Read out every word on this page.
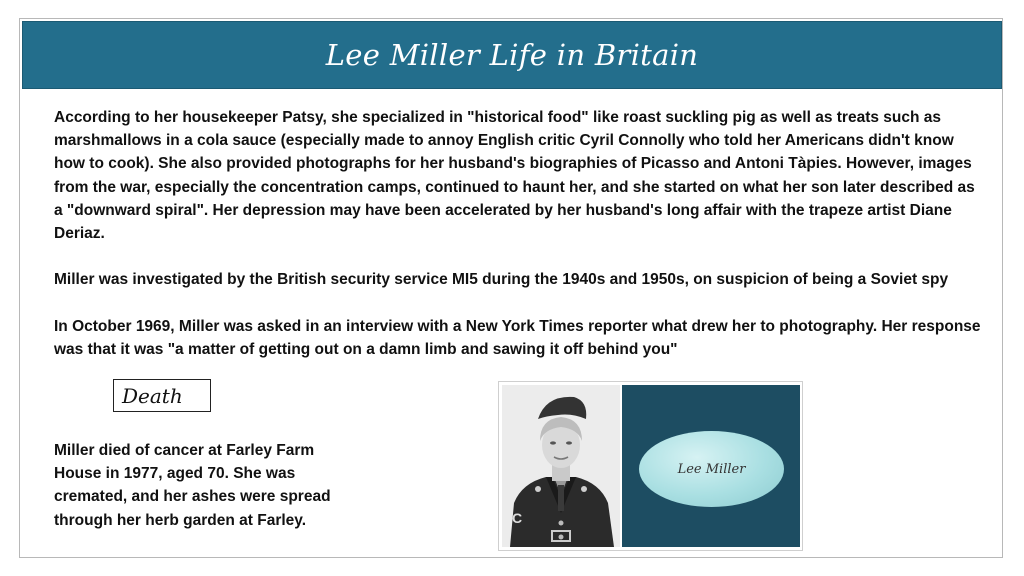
Lee Miller Life in Britain

According to her housekeeper Patsy, she specialized in "historical food" like roast suckling pig as well as treats such as marshmallows in a cola sauce (especially made to annoy English critic Cyril Connolly who told her Americans didn't know how to cook). She also provided photographs for her husband's biographies of Picasso and Antoni Tàpies. However, images from the war, especially the concentration camps, continued to haunt her, and she started on what her son later described as a "downward spiral". Her depression may have been accelerated by her husband's long affair with the trapeze artist Diane Deriaz.

Miller was investigated by the British security service MI5 during the 1940s and 1950s, on suspicion of being a Soviet spy

In October 1969, Miller was asked in an interview with a New York Times reporter what drew her to photography. Her response was that it was "a matter of getting out on a damn limb and sawing it off behind you"

Death
Miller died of cancer at Farley Farm House in 1977, aged 70. She was cremated, and her ashes were spread through her herb garden at Farley.	C
Lee Miller
